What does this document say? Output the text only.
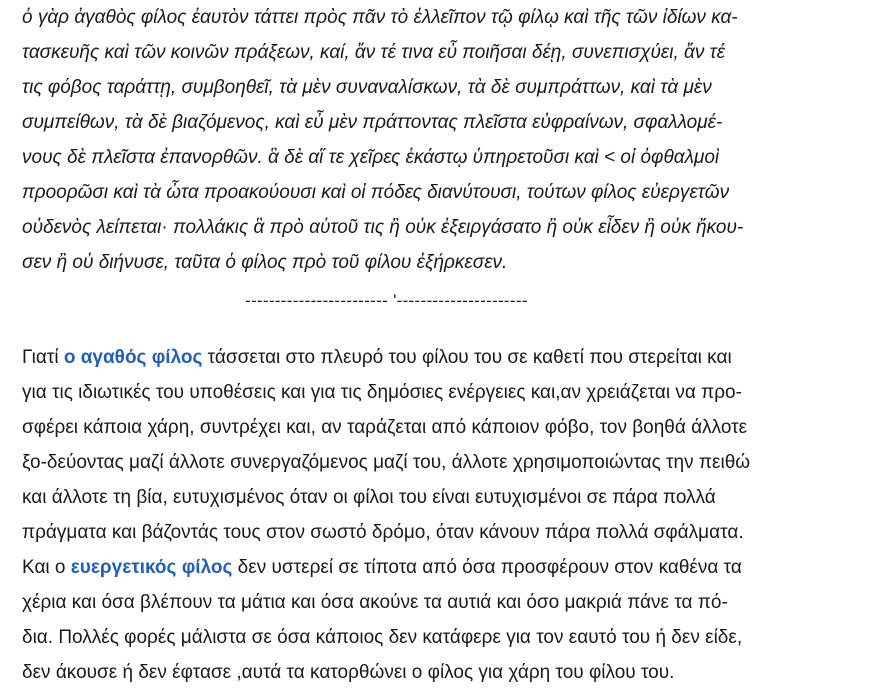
ὁ γὰρ ἀγαθὸς φίλος ἑαυτὸν τάττει πρὸς πᾶν τὸ ἐλλεῖπον τῷ φίλῳ καὶ τῆς τῶν ἰδίων κα-
τασκευῆς καὶ τῶν κοινῶν πράξεων, καί, ἄν τέ τινα εὖ ποιῆσαι δέῃ, συνεπισχύει, ἄν τέ
τις φόβος ταράττῃ, συμβοηθεῖ, τὰ μὲν συναναλίσκων, τὰ δὲ συμπράττων, καὶ τὰ μὲν
συμπείθων, τὰ δὲ βιαζόμενος, καὶ εὖ μὲν πράττοντας πλεῖστα εὐφραίνων, σφαλλομέ-
νους δὲ πλεῖστα ἐπανορθῶν. ἃ δὲ αἵ τε χεῖρες ἑκάστῳ ὑπηρετοῦσι καὶ < οἱ ὀφθαλμοὶ
προορῶσι καὶ τὰ ὦτα προακούουσι καὶ οἱ πόδες διανύτουσι, τούτων φίλος εὐεργετῶν
οὐδενὸς λείπεται· πολλάκις ἃ πρὸ αὑτοῦ τις ἢ οὐκ ἐξειργάσατο ἢ οὐκ εἶδεν ἢ οὐκ ἤκου-
σεν ἢ οὐ διήνυσε, ταῦτα ὁ φίλος πρὸ τοῦ φίλου ἐξήρκεσεν.
------------------------ '----------------------
Γιατί ο αγαθός φίλος τάσσεται στο πλευρό του φίλου του σε καθετί που στερείται και
για τις ιδιωτικές του υποθέσεις και για τις δημόσιες ενέργειες και,αν χρειάζεται να προ-
σφέρει κάποια χάρη, συντρέχει και, αν ταράζεται από κάποιον φόβο, τον βοηθά άλλοτε
ξο-δεύοντας μαζί άλλοτε συνεργαζόμενος μαζί του, άλλοτε χρησιμοποιώντας την πειθώ
και άλλοτε τη βία, ευτυχισμένος όταν οι φίλοι του είναι ευτυχισμένοι σε πάρα πολλά
πράγματα και βάζοντάς τους στον σωστό δρόμο, όταν κάνουν πάρα πολλά σφάλματα.
Και ο ευεργετικός φίλος δεν υστερεί σε τίποτα από όσα προσφέρουν στον καθένα τα
χέρια και όσα βλέπουν τα μάτια και όσα ακούνε τα αυτιά και όσο μακριά πάνε τα πό-
δια. Πολλές φορές μάλιστα σε όσα κάποιος δεν κατάφερε για τον εαυτό του ή δεν είδε,
δεν άκουσε ή δεν έφτασε ,αυτά τα κατορθώνει ο φίλος για χάρη του φίλου του.
